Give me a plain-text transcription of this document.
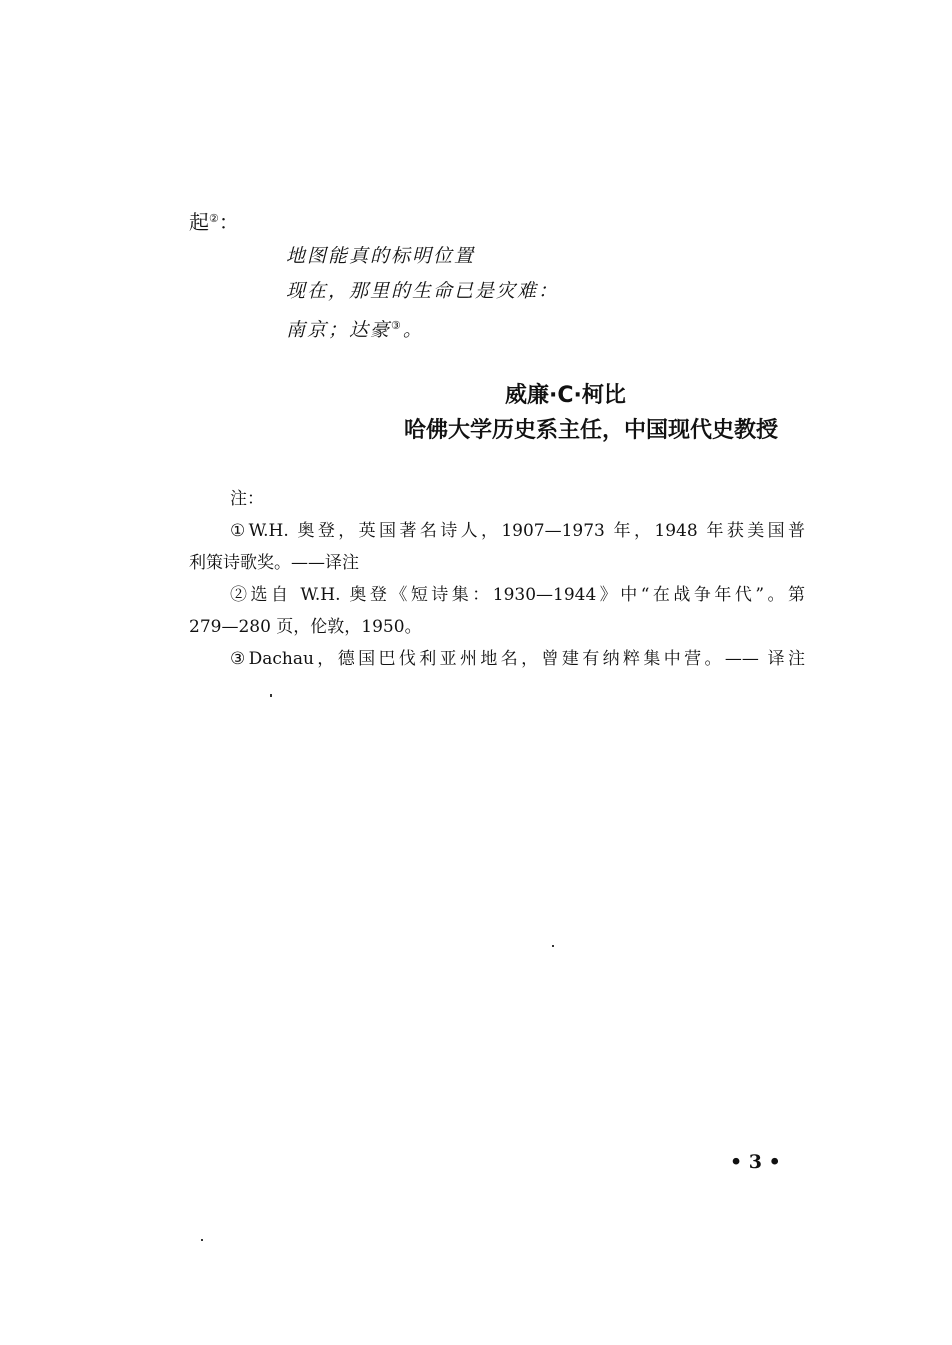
起②：
地图能真的标明位置
现在，那里的生命已是灾难：
南京；达豪③。
威廉·C·柯比
哈佛大学历史系主任，中国现代史教授
注：
①W.H. 奥登，英国著名诗人，1907—1973 年，1948 年获美国普
利策诗歌奖。——译注
②选自 W.H. 奥登《短诗集：1930—1944》中“在战争年代”。第
279—280 页，伦敦，1950。
③Dachau，德国巴伐利亚州地名，曾建有纳粹集中营。—— 译注
• 3 •
